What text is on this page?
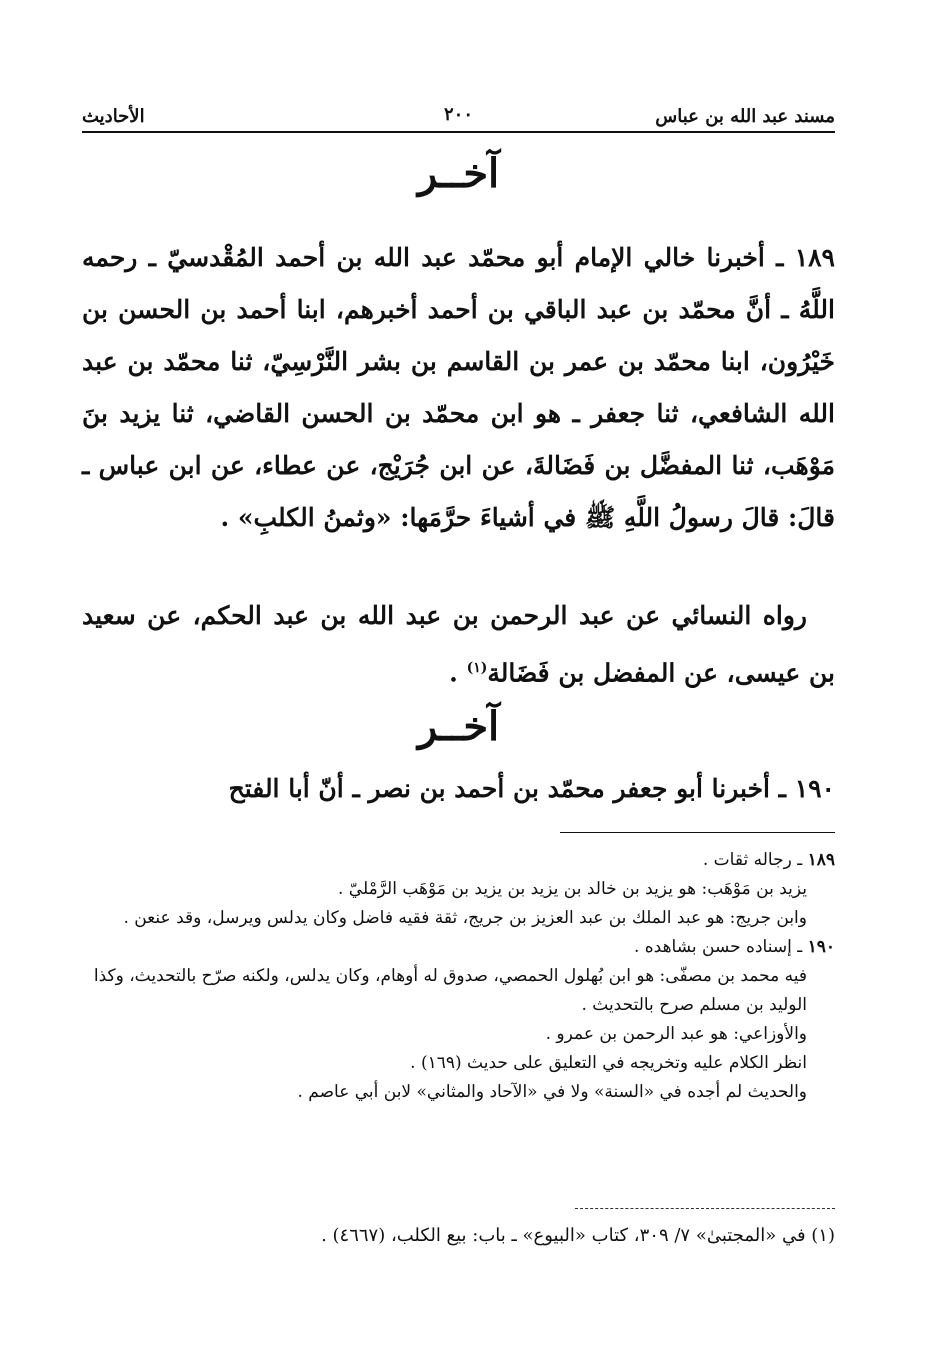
مسند عبد الله بن عباس
٢٠٠
الأحاديث
آخــر

١٨٩ ـ أخبرنا خالي الإمام أبو محمّد عبد الله بن أحمد المُقْدسيّ ـ رحمه اللَّهُ ـ أنَّ محمّد بن عبد الباقي بن أحمد أخبرهم، ابنا أحمد بن الحسن بن خَيْرُون، ابنا محمّد بن عمر بن القاسم بن بشر النَّرْسِيّ، ثنا محمّد بن عبد الله الشافعي، ثنا جعفر ـ هو ابن محمّد بن الحسن القاضي، ثنا يزيد بنَ مَوْهَب، ثنا المفضَّل بن فَضَالةَ، عن ابن جُرَيْج، عن عطاء، عن ابن عباس ـ قالَ: قالَ رسولُ اللَّهِ ﷺ في أشياءَ حرَّمَها: «وثمنُ الكلبِ» .

رواه النسائي عن عبد الرحمن بن عبد الله بن عبد الحكم، عن سعيد بن عيسى، عن المفضل بن فَضَالة$^{(١)}$ .

آخــر

١٩٠ ـ أخبرنا أبو جعفر محمّد بن أحمد بن نصر ـ أنّ أبا الفتح

١٨٩ ـ رجاله ثقات .

يزيد بن مَوْهَب: هو يزيد بن خالد بن يزيد بن يزيد بن مَوْهَب الرَّمْليّ .

وابن جريج: هو عبد الملك بن عبد العزيز بن جريج، ثقة فقيه فاضل وكان يدلس ويرسل، وقد عنعن .

١٩٠ ـ إسناده حسن بشاهده .

فيه محمد بن مصفّى: هو ابن بُهلول الحمصي، صدوق له أوهام، وكان يدلس، ولكنه صرّح بالتحديث، وكذا الوليد بن مسلم صرح بالتحديث .

والأوزاعي: هو عبد الرحمن بن عمرو .

انظر الكلام عليه وتخريجه في التعليق على حديث (١٦٩) .

والحديث لم أجده في «السنة» ولا في «الآحاد والمثاني» لابن أبي عاصم .

(١) في «المجتبىٰ» ٧/ ٣٠٩، كتاب «البيوع» ـ باب: بيع الكلب، (٤٦٦٧) .
